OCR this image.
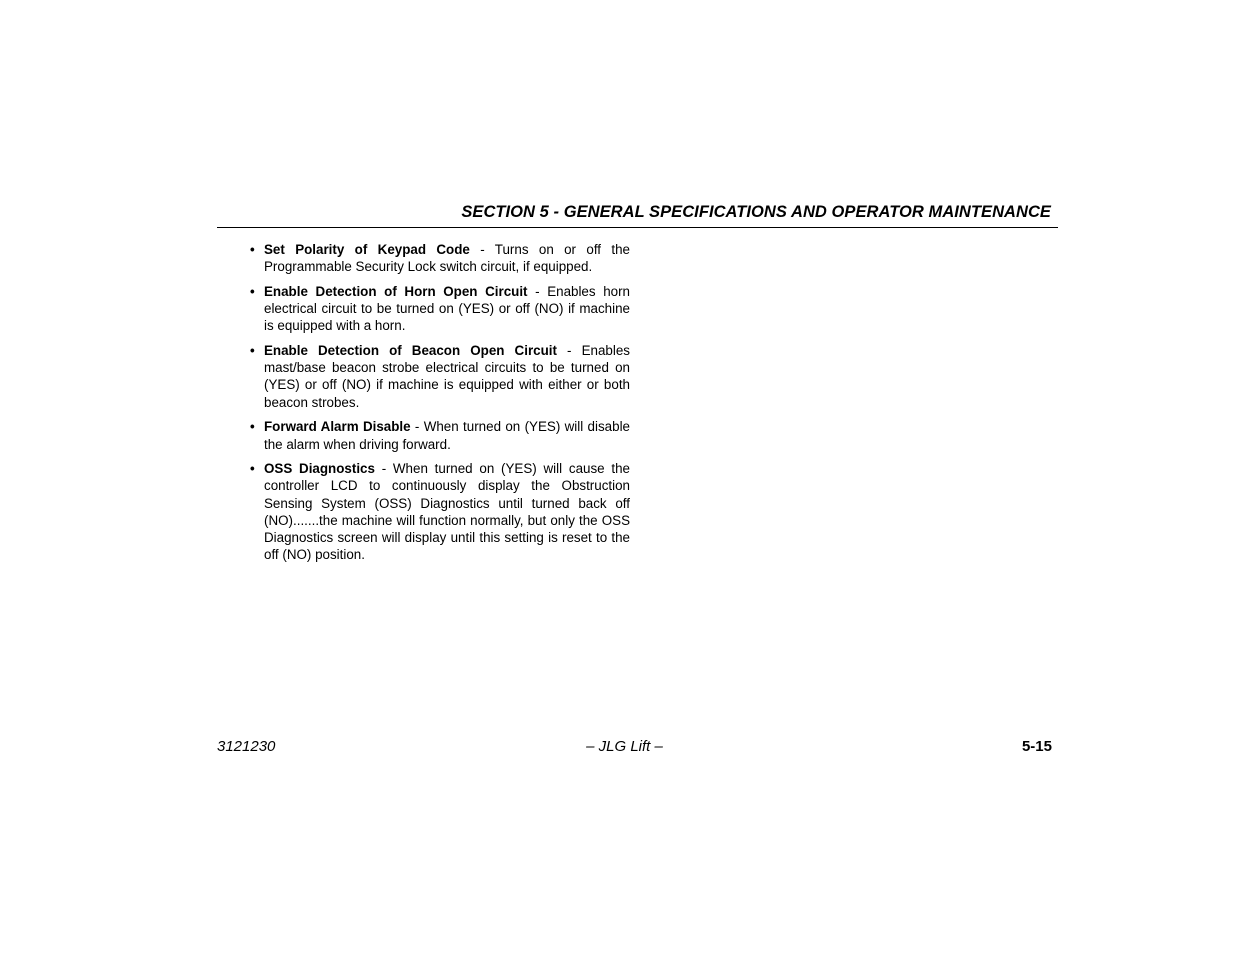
SECTION 5 - GENERAL SPECIFICATIONS AND OPERATOR MAINTENANCE
• Set Polarity of Keypad Code - Turns on or off the Programmable Security Lock switch circuit, if equipped.
• Enable Detection of Horn Open Circuit - Enables horn electrical circuit to be turned on (YES) or off (NO) if machine is equipped with a horn.
• Enable Detection of Beacon Open Circuit - Enables mast/base beacon strobe electrical circuits to be turned on (YES) or off (NO) if machine is equipped with either or both beacon strobes.
• Forward Alarm Disable - When turned on (YES) will disable the alarm when driving forward.
• OSS Diagnostics - When turned on (YES) will cause the controller LCD to continuously display the Obstruction Sensing System (OSS) Diagnostics until turned back off (NO).......the machine will function normally, but only the OSS Diagnostics screen will display until this setting is reset to the off (NO) position.
3121230	– JLG Lift –	5-15
